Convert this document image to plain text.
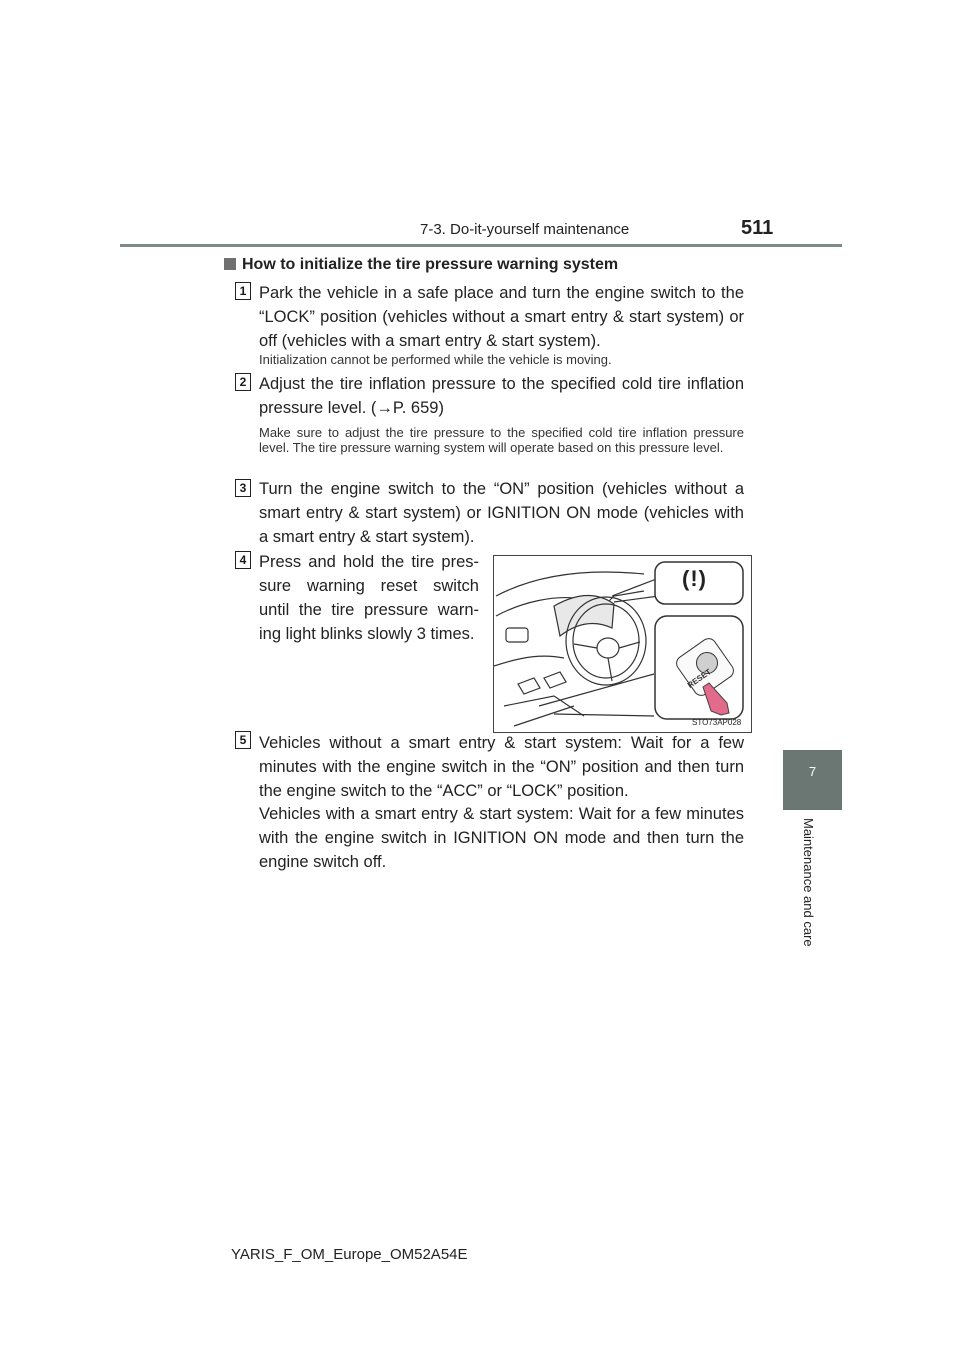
7-3. Do-it-yourself maintenance	511
7
Maintenance and care
How to initialize the tire pressure warning system
1 Park the vehicle in a safe place and turn the engine switch to the “LOCK” position (vehicles without a smart entry & start system) or off (vehicles with a smart entry & start system).
Initialization cannot be performed while the vehicle is moving.
2 Adjust the tire inflation pressure to the specified cold tire inflation pressure level. (→P. 659)
Make sure to adjust the tire pressure to the specified cold tire inflation pressure level. The tire pressure warning system will operate based on this pressure level.
3 Turn the engine switch to the “ON” position (vehicles without a smart entry & start system) or IGNITION ON mode (vehicles with a smart entry & start system).
4 Press and hold the tire pres-
sure warning reset switch
until the tire pressure warn-
ing light blinks slowly 3 times.
(!)
RESET
STO73AP028
5 Vehicles without a smart entry & start system: Wait for a few minutes with the engine switch in the “ON” position and then turn the engine switch to the “ACC” or “LOCK” position.
Vehicles with a smart entry & start system: Wait for a few minutes with the engine switch in IGNITION ON mode and then turn the engine switch off.
YARIS_F_OM_Europe_OM52A54E
